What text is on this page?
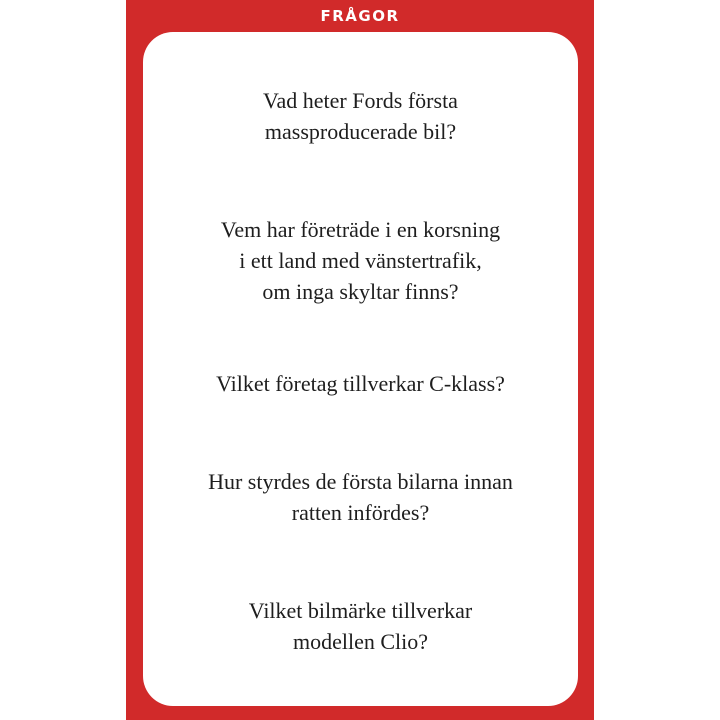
FRÅGOR
Vad heter Fords första
massproducerade bil?
Vem har företräde i en korsning
i ett land med vänstertrafik,
om inga skyltar finns?
Vilket företag tillverkar C-klass?
Hur styrdes de första bilarna innan
ratten infördes?
Vilket bilmärke tillverkar
modellen Clio?
